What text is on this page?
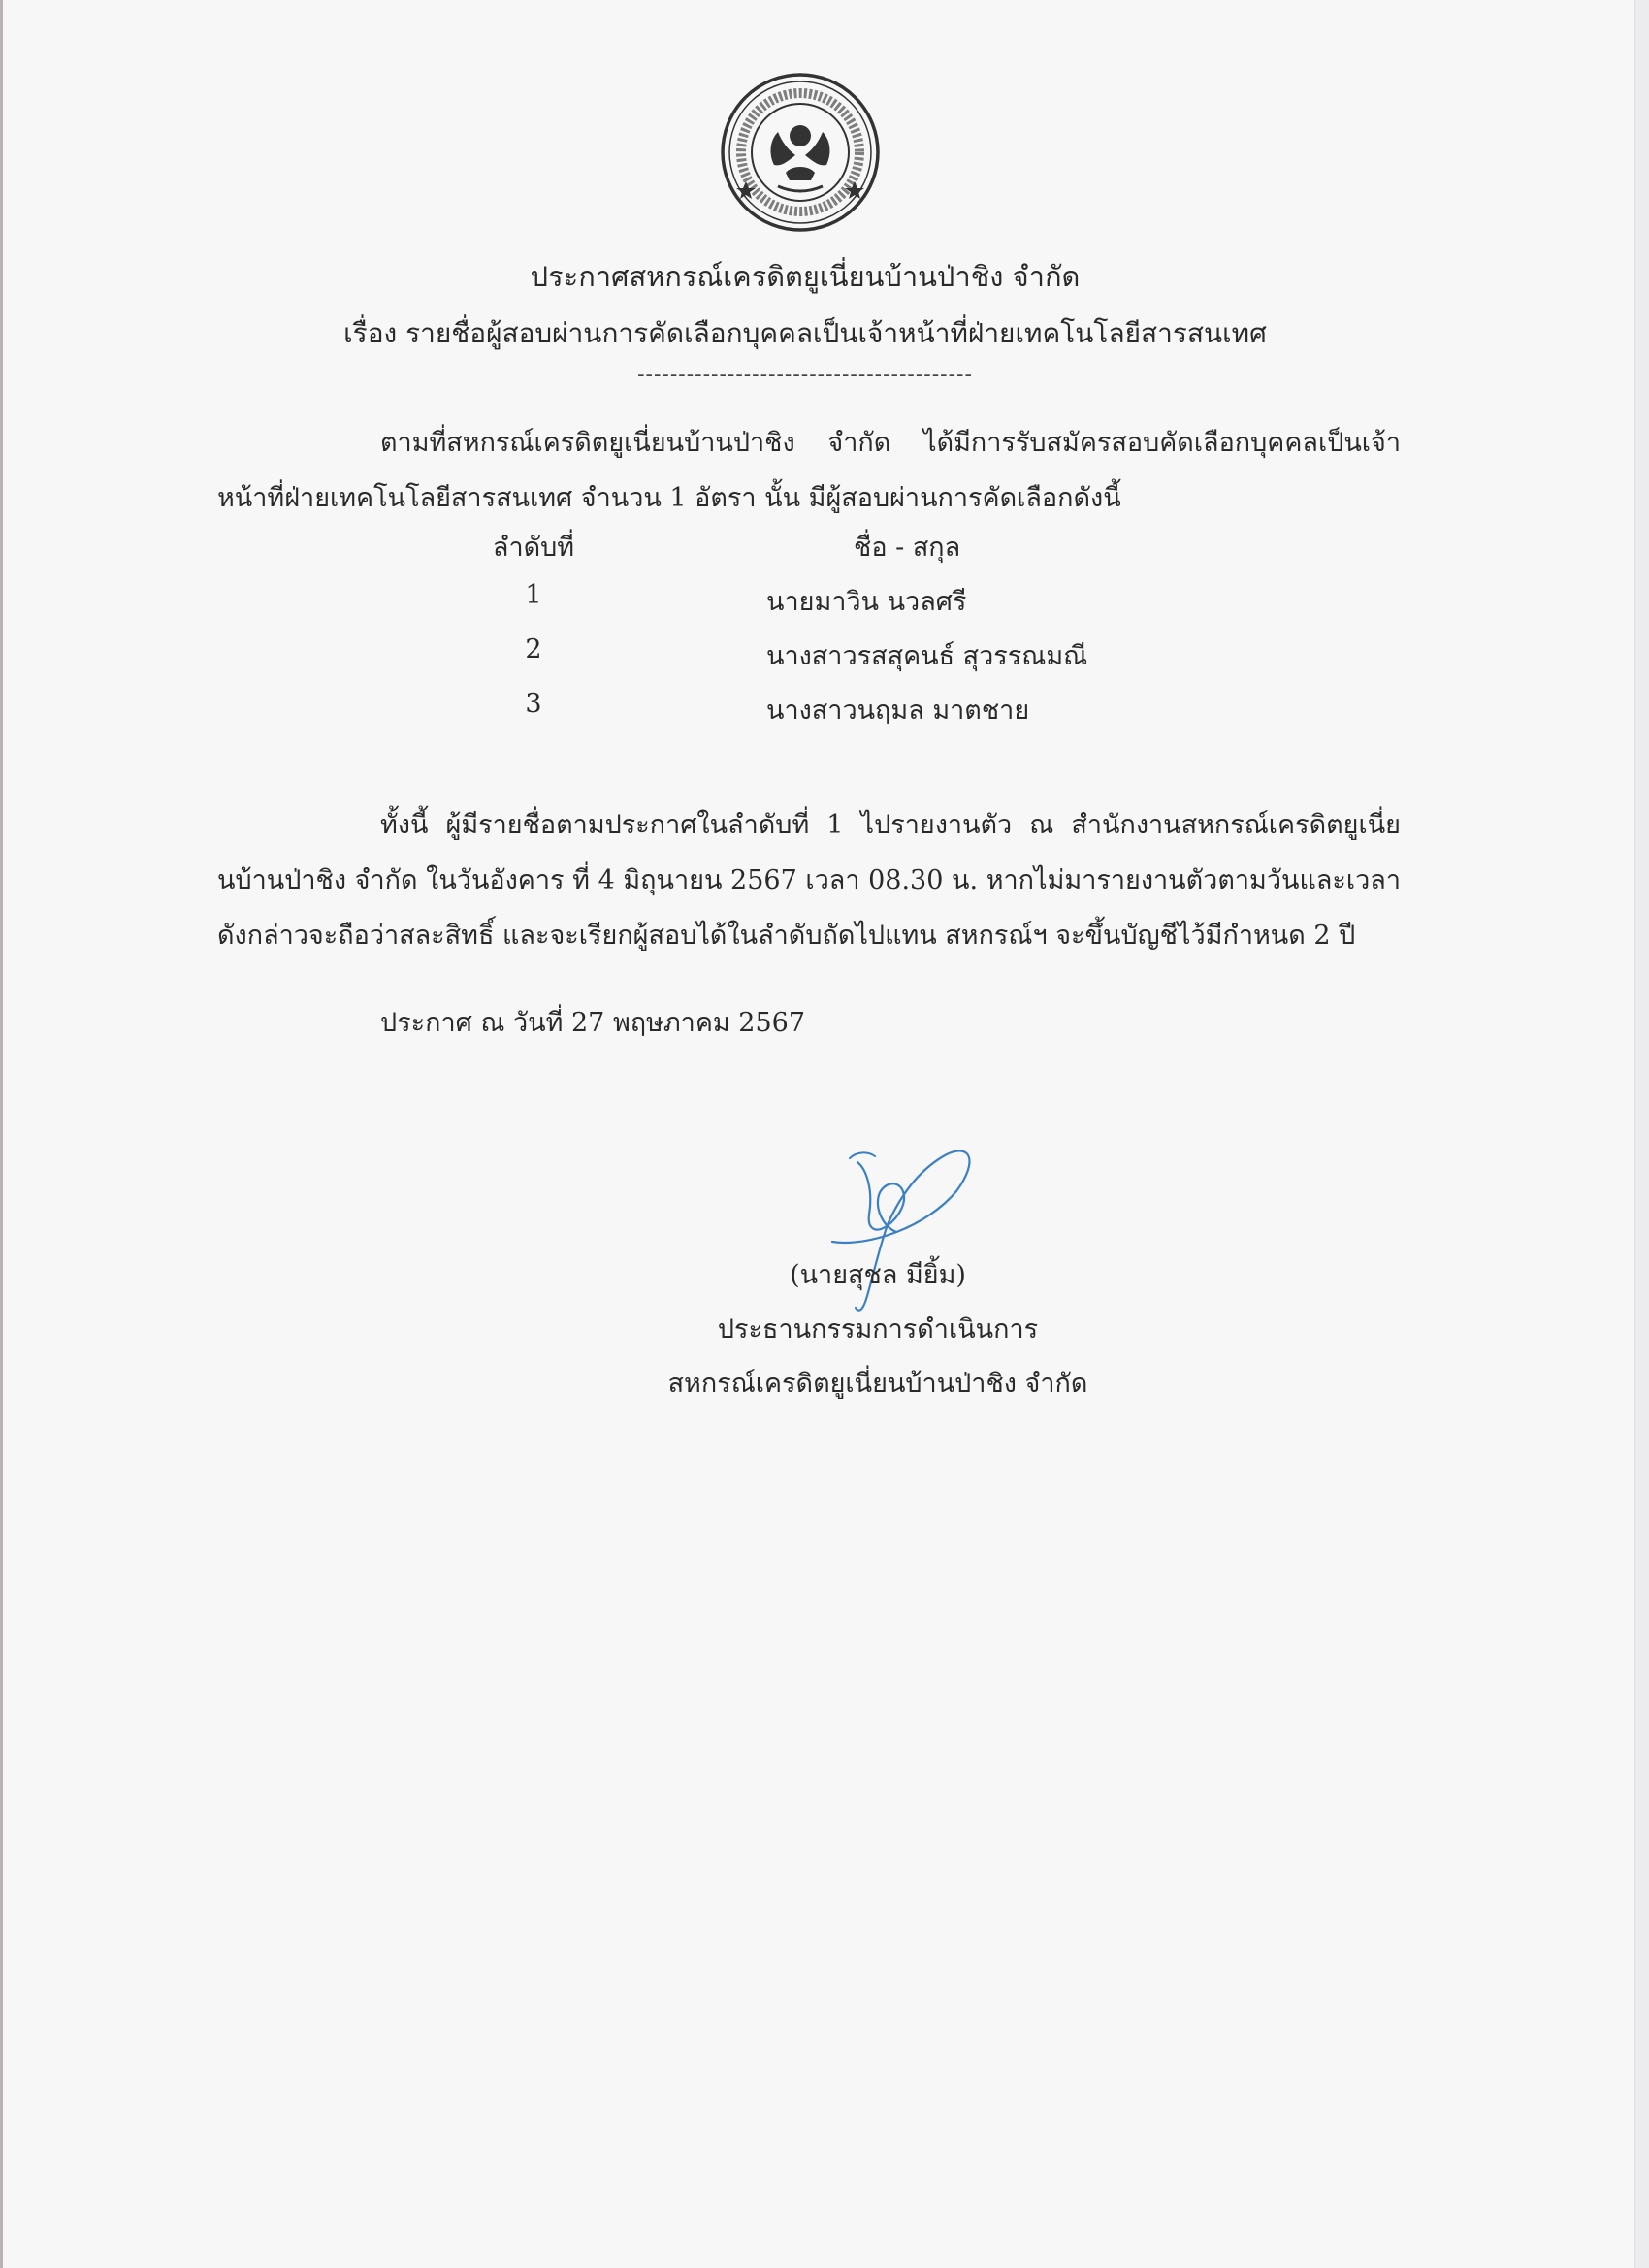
ประกาศสหกรณ์เครดิตยูเนี่ยนบ้านป่าชิง จำกัด
เรื่อง รายชื่อผู้สอบผ่านการคัดเลือกบุคคลเป็นเจ้าหน้าที่ฝ่ายเทคโนโลยีสารสนเทศ
-----------------------------------------
ตามที่สหกรณ์เครดิตยูเนี่ยนบ้านป่าชิง จำกัด ได้มีการรับสมัครสอบคัดเลือกบุคคลเป็นเจ้าหน้าที่ฝ่ายเทคโนโลยีสารสนเทศ จำนวน 1 อัตรา นั้น มีผู้สอบผ่านการคัดเลือกดังนี้
ลำดับที่	ชื่อ - สกุล
1	นายมาวิน นวลศรี
2	นางสาวรสสุคนธ์ สุวรรณมณี
3	นางสาวนฤมล มาตชาย
ทั้งนี้ ผู้มีรายชื่อตามประกาศในลำดับที่ 1 ไปรายงานตัว ณ สำนักงานสหกรณ์เครดิตยูเนี่ยนบ้านป่าชิง จำกัด ในวันอังคาร ที่ 4 มิถุนายน 2567 เวลา 08.30 น. หากไม่มารายงานตัวตามวันและเวลาดังกล่าวจะถือว่าสละสิทธิ์ และจะเรียกผู้สอบได้ในลำดับถัดไปแทน สหกรณ์ฯ จะขึ้นบัญชีไว้มีกำหนด 2 ปี
ประกาศ ณ วันที่ 27 พฤษภาคม 2567
(นายสุชล มียิ้ม)
ประธานกรรมการดำเนินการ
สหกรณ์เครดิตยูเนี่ยนบ้านป่าชิง จำกัด
